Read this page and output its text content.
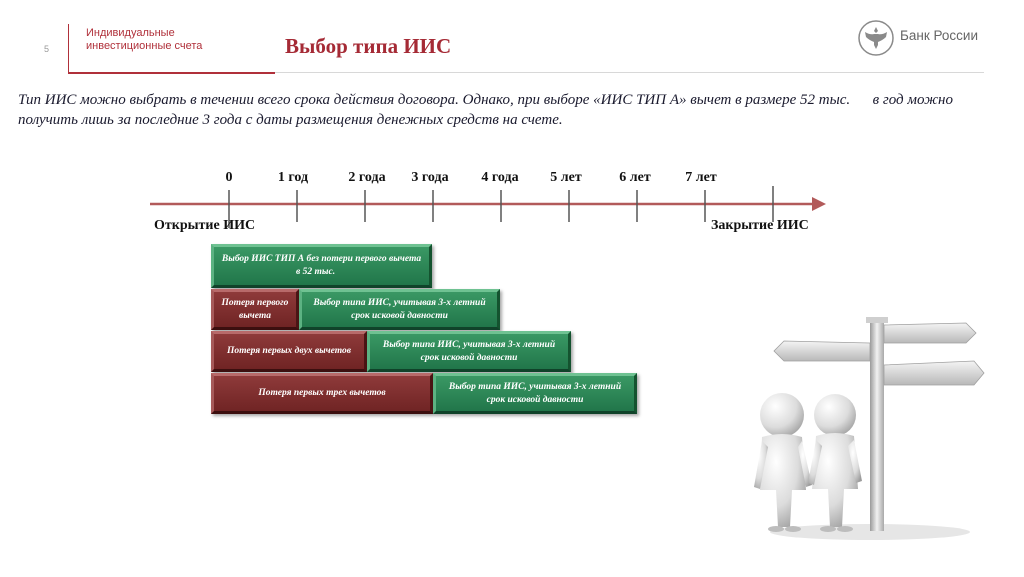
5
Индивидуальные
инвестиционные счета	Выбор типа ИИС	Банк России
Тип ИИС можно выбрать в течении всего срока действия договора. Однако, при выборе «ИИС ТИП А» вычет в размере 52 тыс.   в год можно получить лишь за последние 3 года с даты размещения денежных средств на счете.
0	1 год	2 года 3 года 4 года 5 лет	6 лет 7 лет
Открытие ИИС	Закрытие ИИС
Выбор ИИС ТИП А без потери первого вычета в 52 тыс.  
Потеря первого вычета
Выбор типа ИИС, учитывая 3-х летний срок исковой давности
Потеря первых двух вычетов
Выбор типа ИИС, учитывая 3-х летний срок исковой давности
Потеря первых трех вычетов
Выбор типа ИИС, учитывая 3-х летний срок исковой давности
